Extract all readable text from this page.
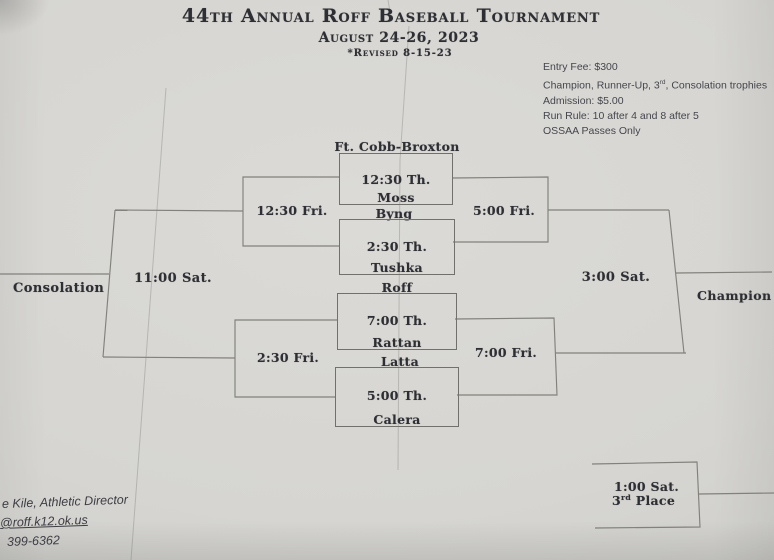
44th Annual Roff Baseball Tournament
August 24-26, 2023
*Revised 8-15-23
Entry Fee: $300
Champion, Runner-Up, 3rd, Consolation trophies
Admission: $5.00
Run Rule: 10 after 4 and 8 after 5
OSSAA Passes Only
Ft. Cobb-Broxton
12:30 Th.
Moss
Byng
2:30 Th.
Tushka
Roff
7:00 Th.
Rattan
Latta
5:00 Th.
Calera
12:30 Fri.	5:00 Fri.
2:30 Fri.	7:00 Fri.
11:00 Sat.	3:00 Sat.
Consolation	Champion
1:00 Sat.
3rd Place
e Kile, Athletic Director
@roff.k12.ok.us
399-6362
